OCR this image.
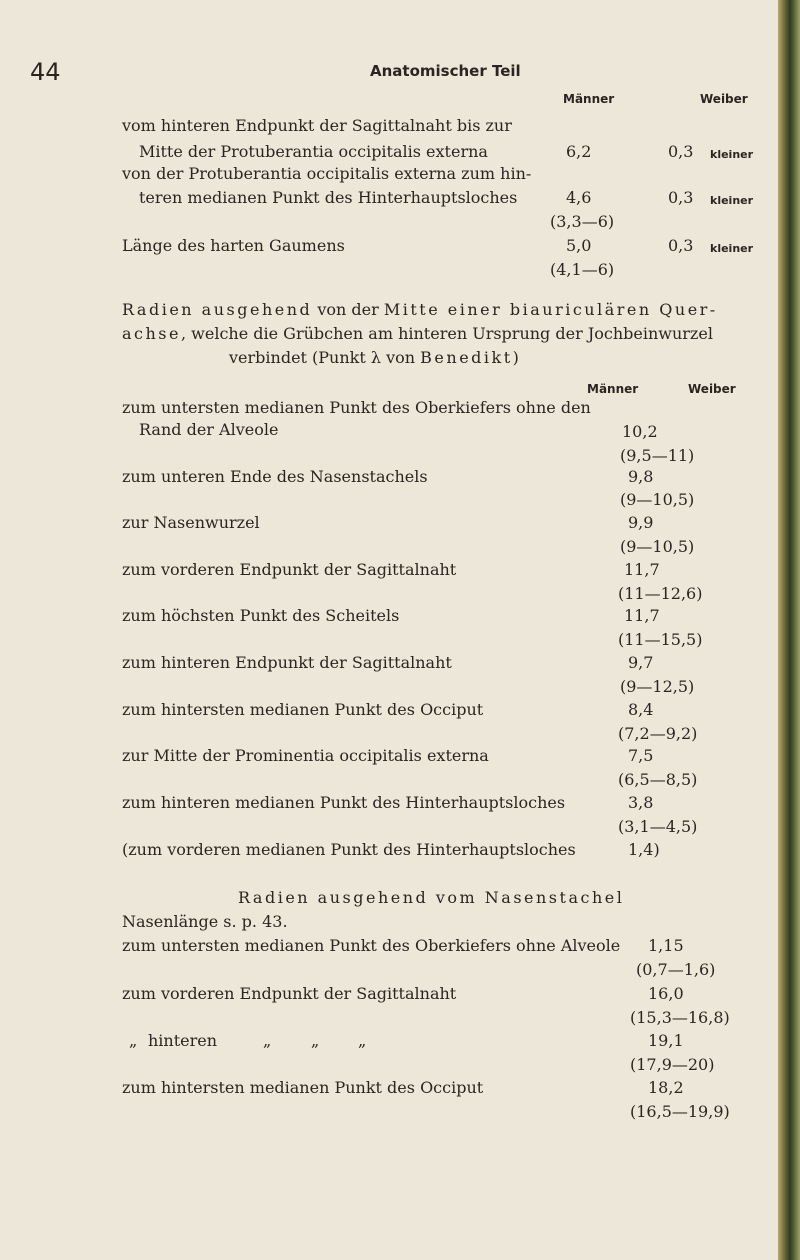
44	Anatomischer Teil
Männer	Weiber
vom hinteren Endpunkt der Sagittalnaht bis zur
Mitte der Protuberantia occipitalis externa	6,2	0,3 kleiner
von der Protuberantia occipitalis externa zum hin-
teren medianen Punkt des Hinterhauptsloches	4,6	0,3 kleiner
(3,3—6)
Länge des harten Gaumens	5,0	0,3 kleiner
(4,1—6)
Radien ausgehend von der Mitte einer biauriculären Quer-
achse, welche die Grübchen am hinteren Ursprung der Jochbeinwurzel
verbindet (Punkt λ von Benedikt)
Männer	Weiber
zum untersten medianen Punkt des Oberkiefers ohne den
Rand der Alveole	10,2
(9,5—11)
zum unteren Ende des Nasenstachels	9,8
(9—10,5)
zur Nasenwurzel	9,9
(9—10,5)
zum vorderen Endpunkt der Sagittalnaht	11,7
(11—12,6)
zum höchsten Punkt des Scheitels	11,7
(11—15,5)
zum hinteren Endpunkt der Sagittalnaht	9,7
(9—12,5)
zum hintersten medianen Punkt des Occiput	8,4
(7,2—9,2)
zur Mitte der Prominentia occipitalis externa	7,5
(6,5—8,5)
zum hinteren medianen Punkt des Hinterhauptsloches	3,8
(3,1—4,5)
(zum vorderen medianen Punkt des Hinterhauptsloches	1,4)
Radien ausgehend vom Nasenstachel
Nasenlänge s. p. 43.
zum untersten medianen Punkt des Oberkiefers ohne Alveole 1,15
(0,7—1,6)
zum vorderen Endpunkt der Sagittalnaht	16,0
(15,3—16,8)
„ hinteren	„ „ „	19,1
(17,9—20)
zum hintersten medianen Punkt des Occiput	18,2
(16,5—19,9)
